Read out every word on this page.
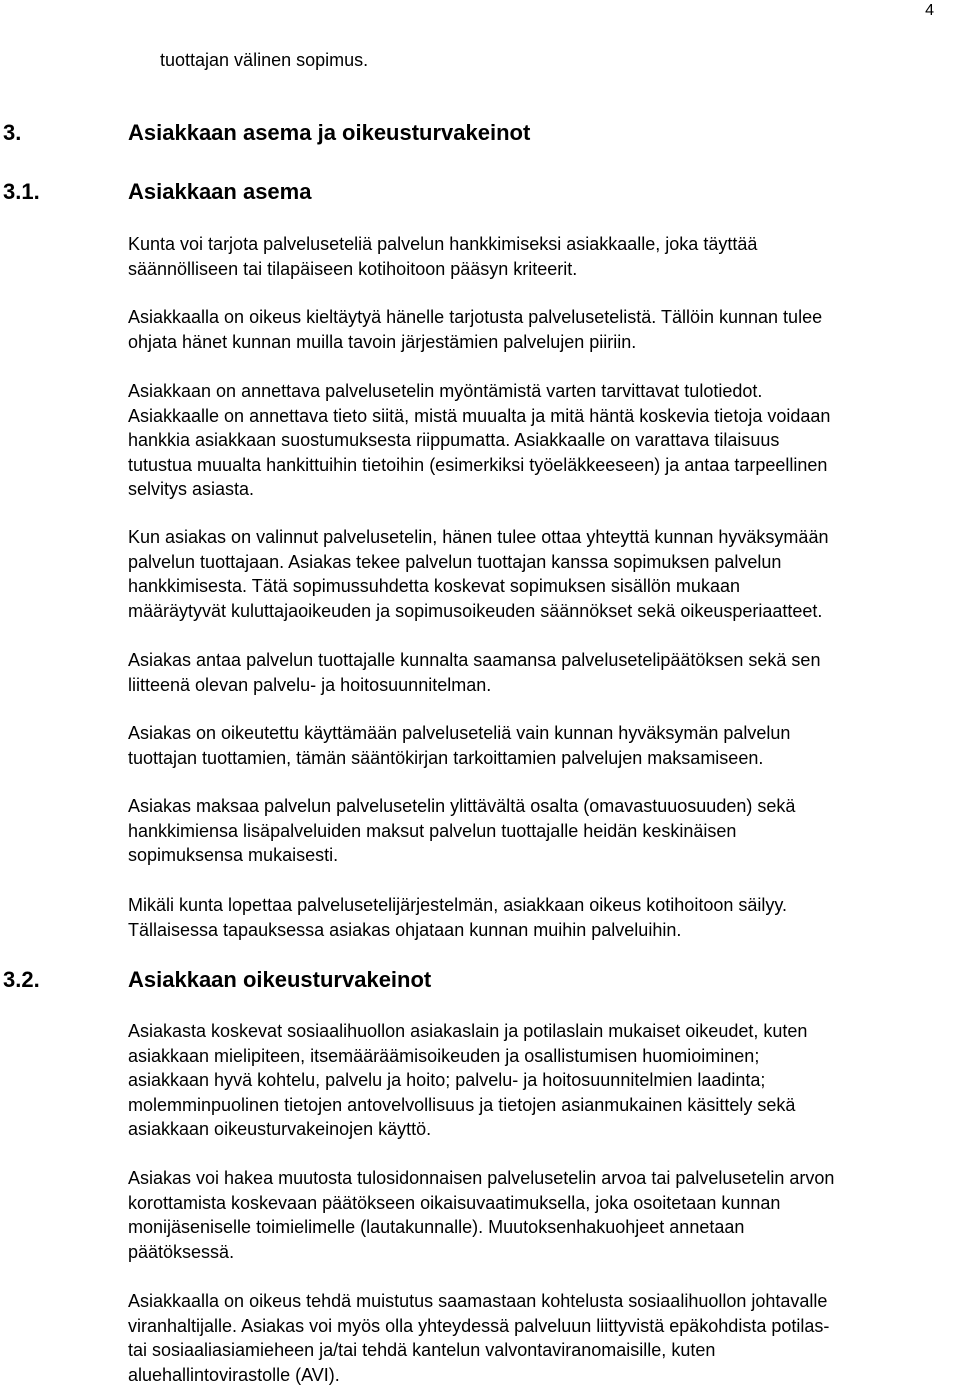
4
tuottajan välinen sopimus.
3.	Asiakkaan asema ja oikeusturvakeinot
3.1.	Asiakkaan asema
Kunta voi tarjota palveluseteliä palvelun hankkimiseksi asiakkaalle, joka täyttää
säännölliseen tai tilapäiseen kotihoitoon pääsyn kriteerit.
Asiakkaalla on oikeus kieltäytyä hänelle tarjotusta palvelusetelistä. Tällöin kunnan tulee
ohjata hänet kunnan muilla tavoin järjestämien palvelujen piiriin.
Asiakkaan on annettava palvelusetelin myöntämistä varten tarvittavat tulotiedot.
Asiakkaalle on annettava tieto siitä, mistä muualta ja mitä häntä koskevia tietoja voidaan
hankkia asiakkaan suostumuksesta riippumatta. Asiakkaalle on varattava tilaisuus
tutustua muualta hankittuihin tietoihin (esimerkiksi työeläkkeeseen) ja antaa tarpeellinen
selvitys asiasta.
Kun asiakas on valinnut palvelusetelin, hänen tulee ottaa yhteyttä kunnan hyväksymään
palvelun tuottajaan. Asiakas tekee palvelun tuottajan kanssa sopimuksen palvelun
hankkimisesta. Tätä sopimussuhdetta koskevat sopimuksen sisällön mukaan
määräytyvät kuluttajaoikeuden ja sopimusoikeuden säännökset sekä oikeusperiaatteet.
Asiakas antaa palvelun tuottajalle kunnalta saamansa palvelusetelipäätöksen sekä sen
liitteenä olevan palvelu- ja hoitosuunnitelman.
Asiakas on oikeutettu käyttämään palveluseteliä vain kunnan hyväksymän palvelun
tuottajan tuottamien, tämän sääntökirjan tarkoittamien palvelujen maksamiseen.
Asiakas maksaa palvelun palvelusetelin ylittävältä osalta (omavastuuosuuden) sekä
hankkimiensa lisäpalveluiden maksut palvelun tuottajalle heidän keskinäisen
sopimuksensa mukaisesti.
Mikäli kunta lopettaa palvelusetelijärjestelmän, asiakkaan oikeus kotihoitoon säilyy.
Tällaisessa tapauksessa asiakas ohjataan kunnan muihin palveluihin.
3.2.	Asiakkaan oikeusturvakeinot
Asiakasta koskevat sosiaalihuollon asiakaslain ja potilaslain mukaiset oikeudet, kuten
asiakkaan mielipiteen, itsemääräämisoikeuden ja osallistumisen huomioiminen;
asiakkaan hyvä kohtelu, palvelu ja hoito; palvelu- ja hoitosuunnitelmien laadinta;
molemminpuolinen tietojen antovelvollisuus ja tietojen asianmukainen käsittely sekä
asiakkaan oikeusturvakeinojen käyttö.
Asiakas voi hakea muutosta tulosidonnaisen palvelusetelin arvoa tai palvelusetelin arvon
korottamista koskevaan päätökseen oikaisuvaatimuksella, joka osoitetaan kunnan
monijäseniselle toimielimelle (lautakunnalle). Muutoksenhakuohjeet annetaan
päätöksessä.
Asiakkaalla on oikeus tehdä muistutus saamastaan kohtelusta sosiaalihuollon johtavalle
viranhaltijalle. Asiakas voi myös olla yhteydessä palveluun liittyvistä epäkohdista potilas-
tai sosiaaliasiamieheen ja/tai tehdä kantelun valvontaviranomaisille, kuten
aluehallintovirastolle (AVI).
